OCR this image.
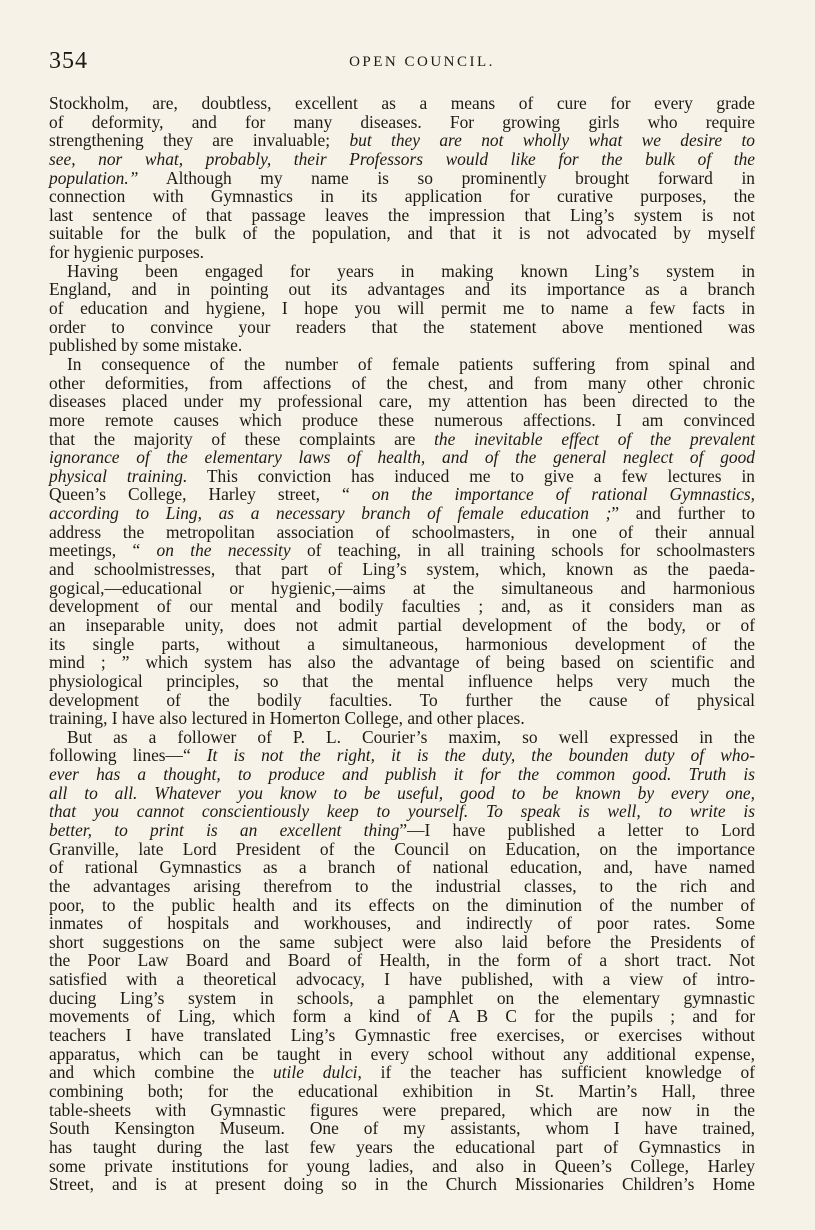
354	OPEN COUNCIL.
Stockholm, are, doubtless, excellent as a means of cure for every grade
of deformity, and for many diseases. For growing girls who require
strengthening they are invaluable; but they are not wholly what we desire to
see, nor what, probably, their Professors would like for the bulk of the
population.” Although my name is so prominently brought forward in
connection with Gymnastics in its application for curative purposes, the
last sentence of that passage leaves the impression that Ling’s system is not
suitable for the bulk of the population, and that it is not advocated by myself
for hygienic purposes.
Having been engaged for years in making known Ling’s system in
England, and in pointing out its advantages and its importance as a branch
of education and hygiene, I hope you will permit me to name a few facts in
order to convince your readers that the statement above mentioned was
published by some mistake.
In consequence of the number of female patients suffering from spinal and
other deformities, from affections of the chest, and from many other chronic
diseases placed under my professional care, my attention has been directed to the
more remote causes which produce these numerous affections. I am convinced
that the majority of these complaints are the inevitable effect of the prevalent
ignorance of the elementary laws of health, and of the general neglect of good
physical training. This conviction has induced me to give a few lectures in
Queen’s College, Harley street, “ on the importance of rational Gymnastics,
according to Ling, as a necessary branch of female education ;” and further to
address the metropolitan association of schoolmasters, in one of their annual
meetings, “ on the necessity of teaching, in all training schools for schoolmasters
and schoolmistresses, that part of Ling’s system, which, known as the paeda-
gogical,—educational or hygienic,—aims at the simultaneous and harmonious
development of our mental and bodily faculties ; and, as it considers man as
an inseparable unity, does not admit partial development of the body, or of
its single parts, without a simultaneous, harmonious development of the
mind ; ” which system has also the advantage of being based on scientific and
physiological principles, so that the mental influence helps very much the
development of the bodily faculties. To further the cause of physical
training, I have also lectured in Homerton College, and other places.
But as a follower of P. L. Courier’s maxim, so well expressed in the
following lines—“ It is not the right, it is the duty, the bounden duty of who-
ever has a thought, to produce and publish it for the common good. Truth is
all to all. Whatever you know to be useful, good to be known by every one,
that you cannot conscientiously keep to yourself. To speak is well, to write is
better, to print is an excellent thing”—I have published a letter to Lord
Granville, late Lord President of the Council on Education, on the importance
of rational Gymnastics as a branch of national education, and, have named
the advantages arising therefrom to the industrial classes, to the rich and
poor, to the public health and its effects on the diminution of the number of
inmates of hospitals and workhouses, and indirectly of poor rates. Some
short suggestions on the same subject were also laid before the Presidents of
the Poor Law Board and Board of Health, in the form of a short tract. Not
satisfied with a theoretical advocacy, I have published, with a view of intro-
ducing Ling’s system in schools, a pamphlet on the elementary gymnastic
movements of Ling, which form a kind of A B C for the pupils ; and for
teachers I have translated Ling’s Gymnastic free exercises, or exercises without
apparatus, which can be taught in every school without any additional expense,
and which combine the utile dulci, if the teacher has sufficient knowledge of
combining both; for the educational exhibition in St. Martin’s Hall, three
table-sheets with Gymnastic figures were prepared, which are now in the
South Kensington Museum. One of my assistants, whom I have trained,
has taught during the last few years the educational part of Gymnastics in
some private institutions for young ladies, and also in Queen’s College, Harley
Street, and is at present doing so in the Church Missionaries Children’s Home
